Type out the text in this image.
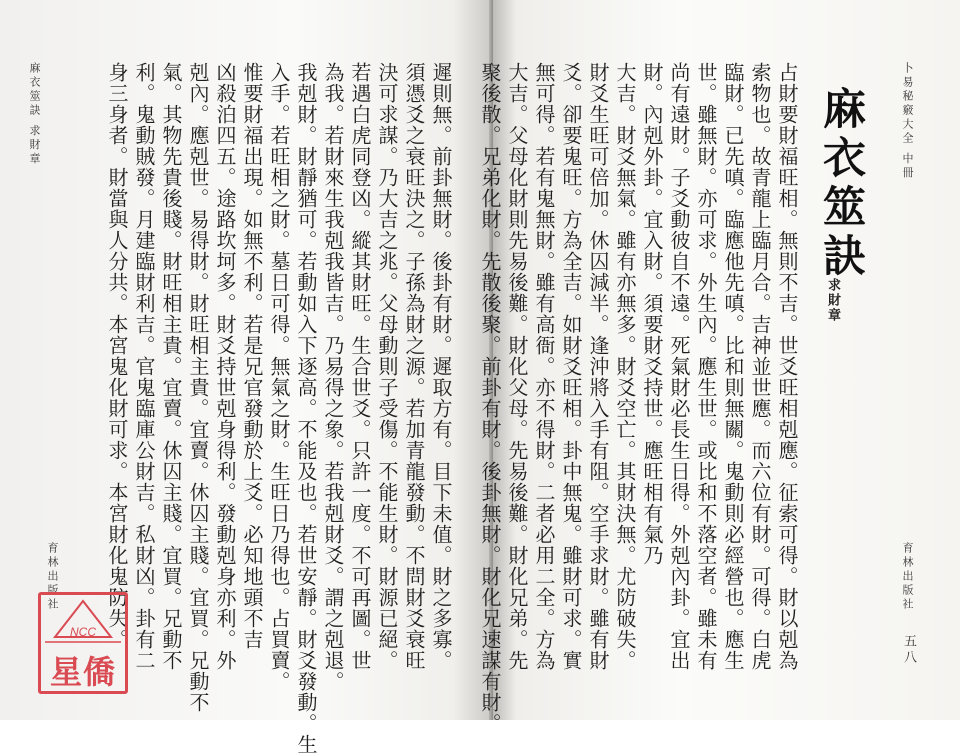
麻衣筮訣 求財章
育林出版社	遲則無。前卦無財。後卦有財。遲取方有。目下未值。財之多寡。
須憑爻之衰旺決之。子孫為財之源。若加青龍發動。不問財爻衰旺
決可求謀。乃大吉之兆。父母動則子受傷。不能生財。財源已絕。
若遇白虎同登凶。縱其財旺。生合世爻。只許一度。不可再圖。世
為我。若財來生我剋我皆吉。乃易得之象。若我剋財爻。謂之剋退。
我剋財。財靜猶可。若動如入下逐高。不能及也。若世安靜。財爻發動。生
入手。若旺相之財。墓日可得。無氣之財。生旺日乃得也。占買賣。
惟要財福出現。如無不利。若是兄官發動於上爻。必知地頭不吉
凶殺泊四五。途路坎坷多。財爻持世剋身得利。發動剋身亦利。外
剋內。應剋世。易得財。財旺相主貴。宜賣。休囚主賤。宜買。兄動不
氣。其物先貴後賤。財旺相主貴。宜賣。休囚主賤。宜買。兄動不
利。鬼動賊發。月建臨財利吉。官鬼臨庫公財吉。私財凶。卦有二
身三身者。財當與人分共。本宮鬼化財可求。本宮財化鬼防失。
NCC
星僑
卜易秘竅大全 中冊
育林出版社
五八
麻衣筮訣
求財章
占財要財福旺相。無則不吉。世爻旺相剋應。征索可得。財以剋為
索物也。故青龍上臨月合。吉神並世應。而六位有財。可得。白虎
臨財。已先嗔。臨應他先嗔。比和則無關。鬼動則必經營也。應生
世。雖無財。亦可求。外生內。應生世。或比和不落空者。雖未有
尚有遠財。子爻動彼自不遠。死氣財必長生日得。外剋內卦。宜出
財。內剋外卦。宜入財。須要財爻持世。應旺相有氣乃
大吉。財爻無氣。雖有亦無多。財爻空亡。其財決無。尤防破失。
財爻生旺可倍加。休囚減半。逢沖將入手有阻。空手求財。雖有財
爻。卻要鬼旺。方為全吉。如財爻旺相。卦中無鬼。雖財可求。實
無可得。若有鬼無財。雖有高衙。亦不得財。二者必用二全。方為
大吉。父母化財則先易後難。財化父母。先易後難。財化兄弟。先
聚後散。兄弟化財。先散後聚。前卦有財。後卦無財。財化兄速謀有財。
